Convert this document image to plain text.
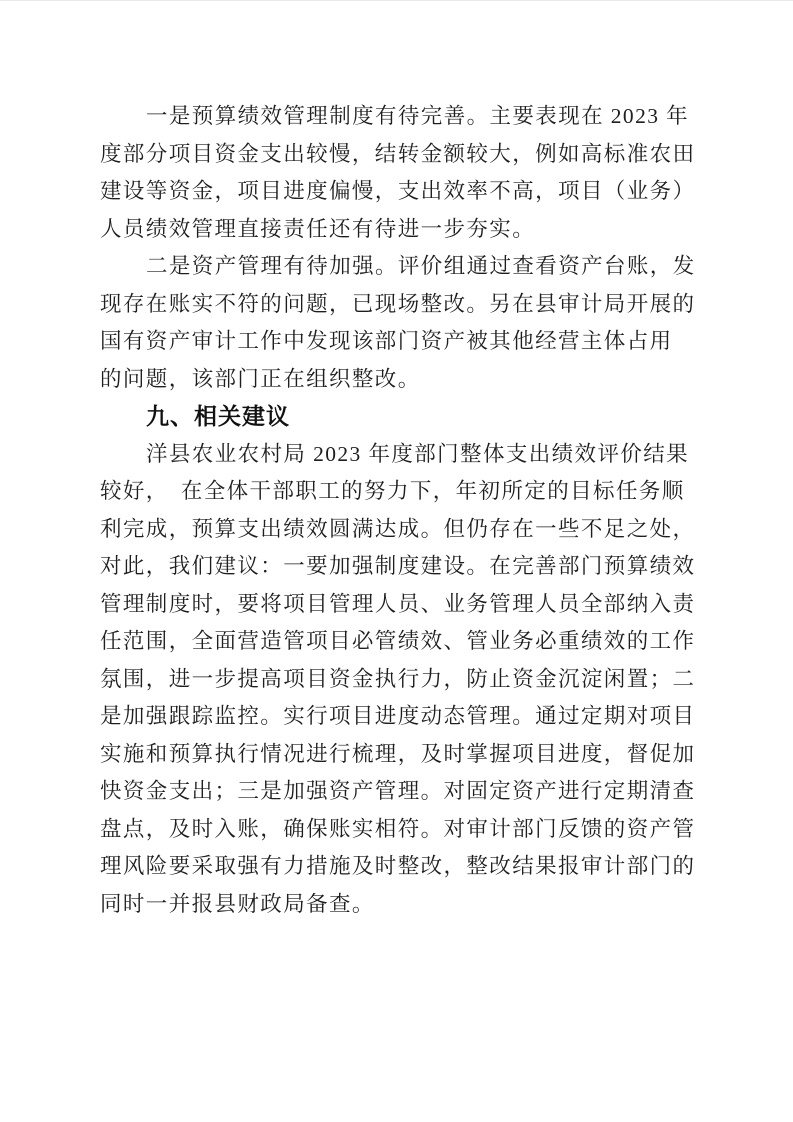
一是预算绩效管理制度有待完善。主要表现在 2023 年
度部分项目资金支出较慢，结转金额较大，例如高标准农田
建设等资金，项目进度偏慢，支出效率不高，项目（业务）
人员绩效管理直接责任还有待进一步夯实。

二是资产管理有待加强。评价组通过查看资产台账，发
现存在账实不符的问题，已现场整改。另在县审计局开展的
国有资产审计工作中发现该部门资产被其他经营主体占用
的问题，该部门正在组织整改。

九、相关建议

洋县农业农村局 2023 年度部门整体支出绩效评价结果
较好，　在全体干部职工的努力下，年初所定的目标任务顺
利完成，预算支出绩效圆满达成。但仍存在一些不足之处，
对此，我们建议：一要加强制度建设。在完善部门预算绩效
管理制度时，要将项目管理人员、业务管理人员全部纳入责
任范围，全面营造管项目必管绩效、管业务必重绩效的工作
氛围，进一步提高项目资金执行力，防止资金沉淀闲置；二
是加强跟踪监控。实行项目进度动态管理。通过定期对项目
实施和预算执行情况进行梳理，及时掌握项目进度，督促加
快资金支出；三是加强资产管理。对固定资产进行定期清查
盘点，及时入账，确保账实相符。对审计部门反馈的资产管
理风险要采取强有力措施及时整改，整改结果报审计部门的
同时一并报县财政局备查。
